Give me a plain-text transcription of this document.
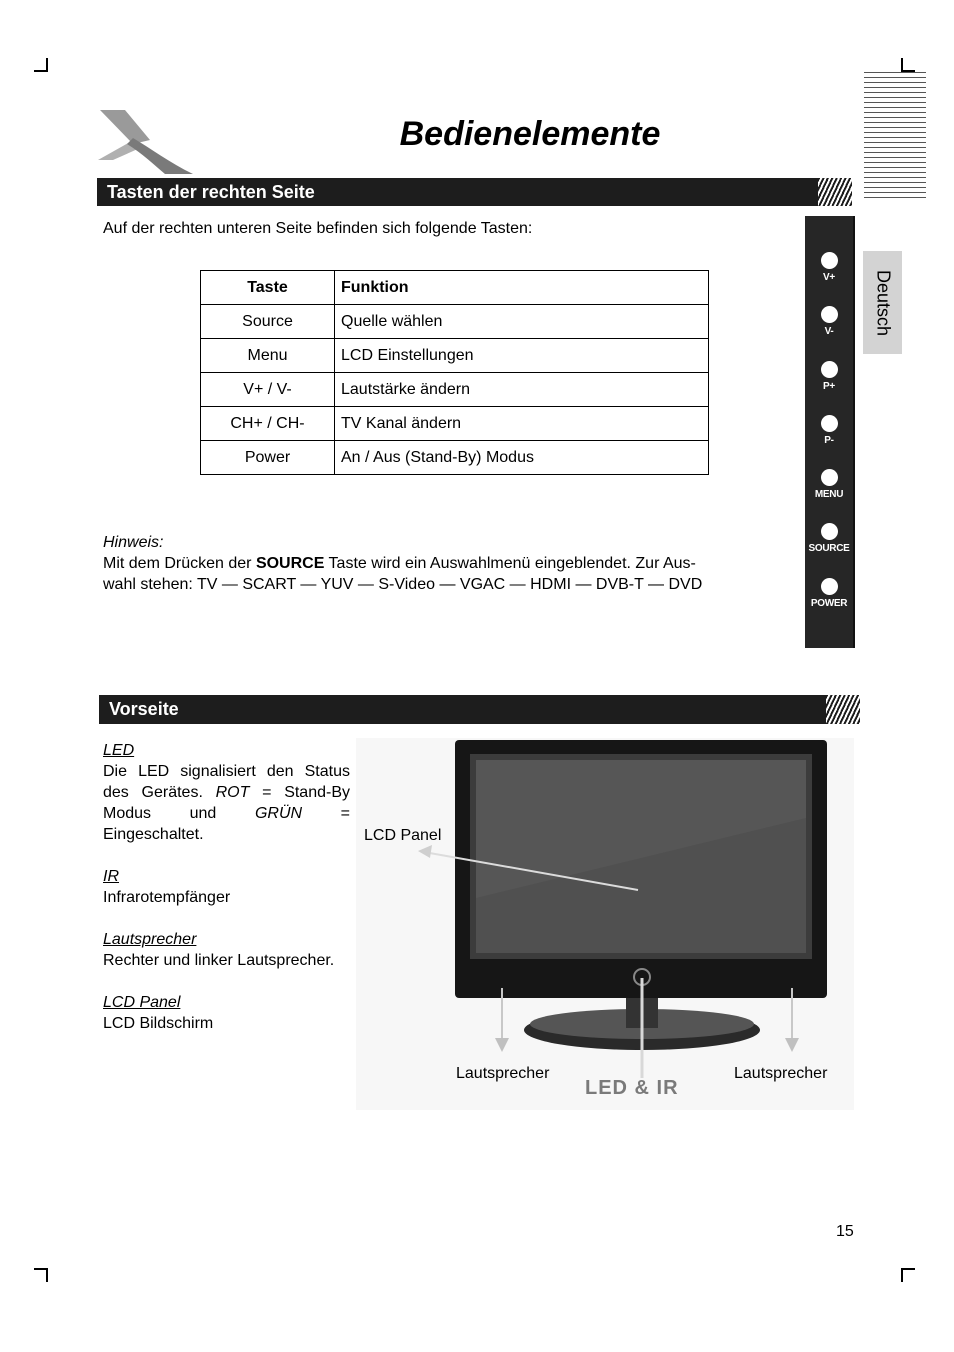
Bedienelemente
Tasten der rechten Seite
Auf der rechten unteren Seite befinden sich folgende Tasten:
Taste	Funktion
Source	Quelle wählen
Menu	LCD Einstellungen
V+ / V-	Lautstärke ändern
CH+ / CH-	TV Kanal ändern
Power	An / Aus (Stand-By) Modus
Hinweis:
Mit dem Drücken der SOURCE Taste wird ein Auswahlmenü eingeblendet. Zur Aus-
wahl stehen: TV — SCART — YUV — S-Video — VGAC — HDMI — DVB-T — DVD
V+
V-
P+
P-
MENU
SOURCE
POWER
Deutsch
Vorseite
LED
Die LED signalisiert den Status des Gerätes. ROT = Stand-By Modus und GRÜN = Eingeschaltet.
IR
Infrarotempfänger
Lautsprecher
Rechter und linker Lautsprecher.
LCD Panel
LCD Bildschirm
LCD Panel
Lautsprecher	Lautsprecher
LED & IR
15
